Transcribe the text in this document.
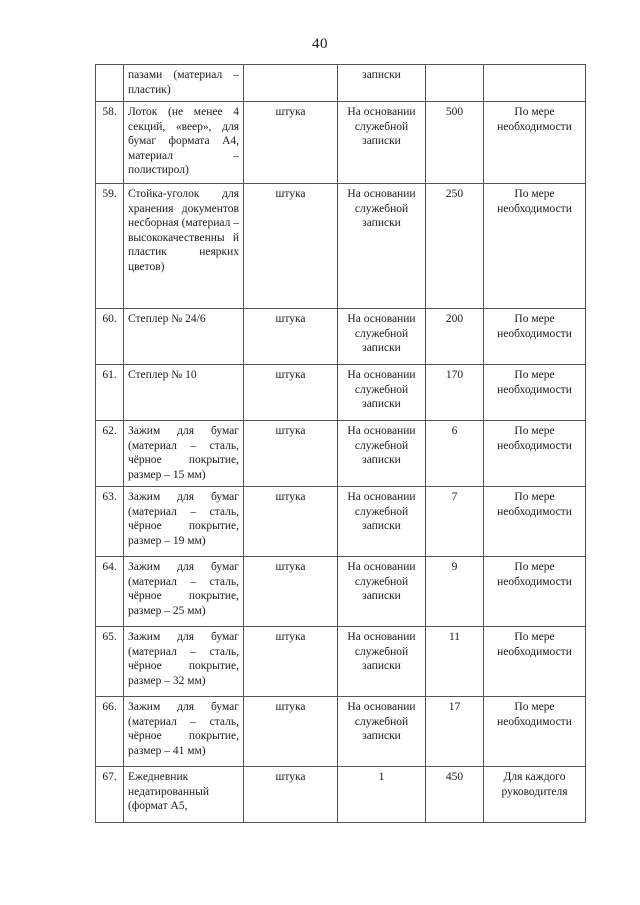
40
	пазами (материал – пластик)		записки		
58.	Лоток (не менее 4 секций, «веер», для бумаг формата А4, материал – полистирол)	штука	На основании служебной записки	500	По мере необходимости
59.	Стойка-уголок для хранения документов несборная (материал – высококачественны й пластик неярких цветов)	штука	На основании служебной записки	250	По мере необходимости
60.	Степлер № 24/6	штука	На основании служебной записки	200	По мере необходимости
61.	Степлер № 10	штука	На основании служебной записки	170	По мере необходимости
62.	Зажим для бумаг (материал – сталь, чёрное покрытие, размер – 15 мм)	штука	На основании служебной записки	6	По мере необходимости
63.	Зажим для бумаг (материал – сталь, чёрное покрытие, размер – 19 мм)	штука	На основании служебной записки	7	По мере необходимости
64.	Зажим для бумаг (материал – сталь, чёрное покрытие, размер – 25 мм)	штука	На основании служебной записки	9	По мере необходимости
65.	Зажим для бумаг (материал – сталь, чёрное покрытие, размер – 32 мм)	штука	На основании служебной записки	11	По мере необходимости
66.	Зажим для бумаг (материал – сталь, чёрное покрытие, размер – 41 мм)	штука	На основании служебной записки	17	По мере необходимости
67.	Ежедневник недатированный (формат А5,	штука	1	450	Для каждого руководителя
